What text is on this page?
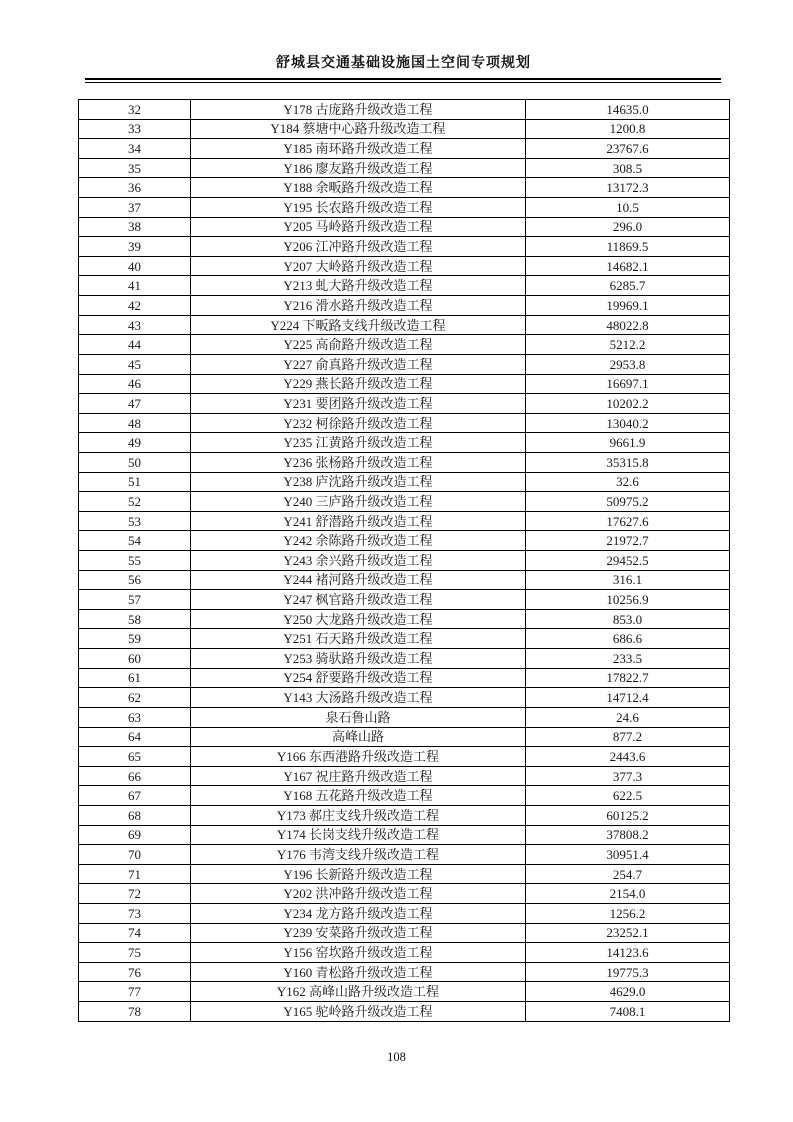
舒城县交通基础设施国土空间专项规划
32	Y178 古庞路升级改造工程	14635.0
33	Y184 蔡塘中心路升级改造工程	1200.8
34	Y185 南环路升级改造工程	23767.6
35	Y186 廖友路升级改造工程	308.5
36	Y188 余畈路升级改造工程	13172.3
37	Y195 长农路升级改造工程	10.5
38	Y205 马岭路升级改造工程	296.0
39	Y206 江冲路升级改造工程	11869.5
40	Y207 大岭路升级改造工程	14682.1
41	Y213 虬大路升级改造工程	6285.7
42	Y216 滑水路升级改造工程	19969.1
43	Y224 下畈路支线升级改造工程	48022.8
44	Y225 高俞路升级改造工程	5212.2
45	Y227 俞真路升级改造工程	2953.8
46	Y229 燕长路升级改造工程	16697.1
47	Y231 要团路升级改造工程	10202.2
48	Y232 柯徐路升级改造工程	13040.2
49	Y235 江黄路升级改造工程	9661.9
50	Y236 张杨路升级改造工程	35315.8
51	Y238 庐沈路升级改造工程	32.6
52	Y240 三庐路升级改造工程	50975.2
53	Y241 舒潜路升级改造工程	17627.6
54	Y242 余陈路升级改造工程	21972.7
55	Y243 余兴路升级改造工程	29452.5
56	Y244 褚河路升级改造工程	316.1
57	Y247 枫官路升级改造工程	10256.9
58	Y250 大龙路升级改造工程	853.0
59	Y251 石天路升级改造工程	686.6
60	Y253 骑驮路升级改造工程	233.5
61	Y254 舒要路升级改造工程	17822.7
62	Y143 大汤路升级改造工程	14712.4
63	泉石鲁山路	24.6
64	高峰山路	877.2
65	Y166 东西港路升级改造工程	2443.6
66	Y167 祝庄路升级改造工程	377.3
67	Y168 五花路升级改造工程	622.5
68	Y173 郝庄支线升级改造工程	60125.2
69	Y174 长岗支线升级改造工程	37808.2
70	Y176 韦湾支线升级改造工程	30951.4
71	Y196 长新路升级改造工程	254.7
72	Y202 洪冲路升级改造工程	2154.0
73	Y234 龙方路升级改造工程	1256.2
74	Y239 安菜路升级改造工程	23252.1
75	Y156 窑坎路升级改造工程	14123.6
76	Y160 青松路升级改造工程	19775.3
77	Y162 高峰山路升级改造工程	4629.0
78	Y165 驼岭路升级改造工程	7408.1
108
